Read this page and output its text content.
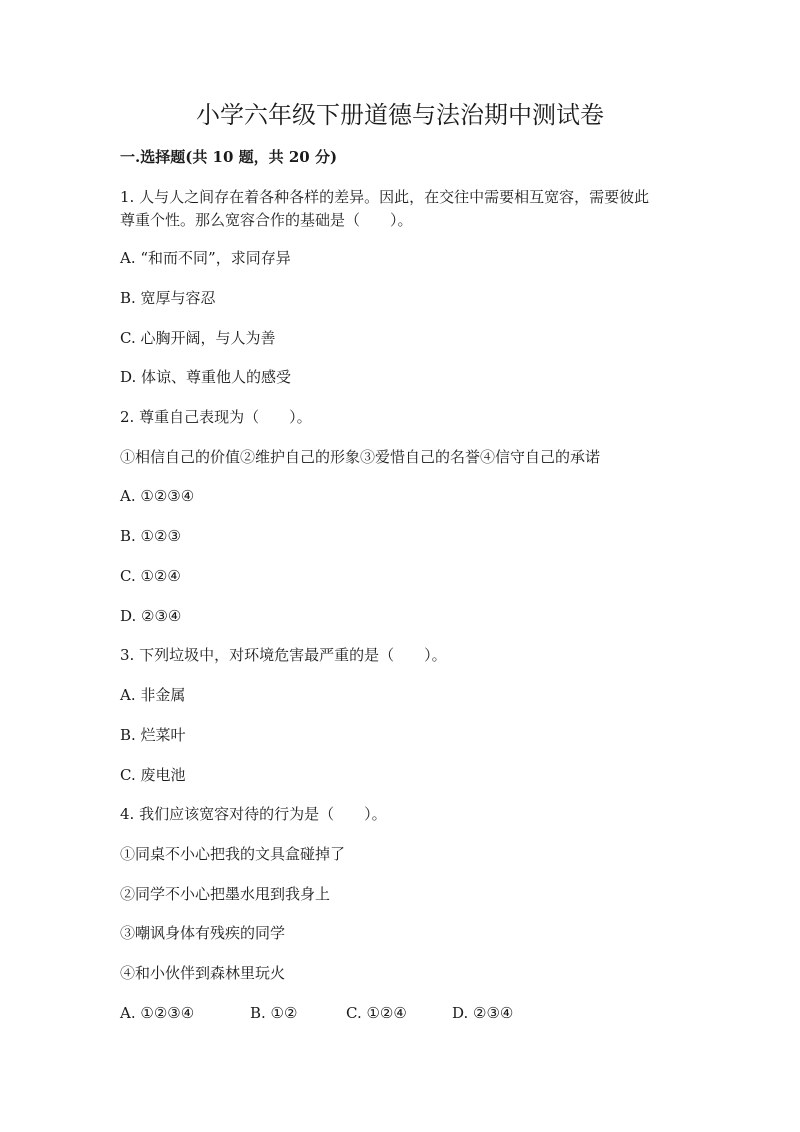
小学六年级下册道德与法治期中测试卷
一.选择题(共 10 题，共 20 分)

1. 人与人之间存在着各种各样的差异。因此，在交往中需要相互宽容，需要彼此

尊重个性。那么宽容合作的基础是（　　）。

A. “和而不同”，求同存异

B. 宽厚与容忍

C. 心胸开阔，与人为善

D. 体谅、尊重他人的感受

2. 尊重自己表现为（　　）。

①相信自己的价值②维护自己的形象③爱惜自己的名誉④信守自己的承诺

A. ①②③④

B. ①②③

C. ①②④

D. ②③④

3. 下列垃圾中，对环境危害最严重的是（　　）。

A. 非金属

B. 烂菜叶

C. 废电池

4. 我们应该宽容对待的行为是（　　）。

①同桌不小心把我的文具盒碰掉了

②同学不小心把墨水甩到我身上

③嘲讽身体有残疾的同学

④和小伙伴到森林里玩火

A. ①②③④	B. ①②	C. ①②④	D. ②③④
